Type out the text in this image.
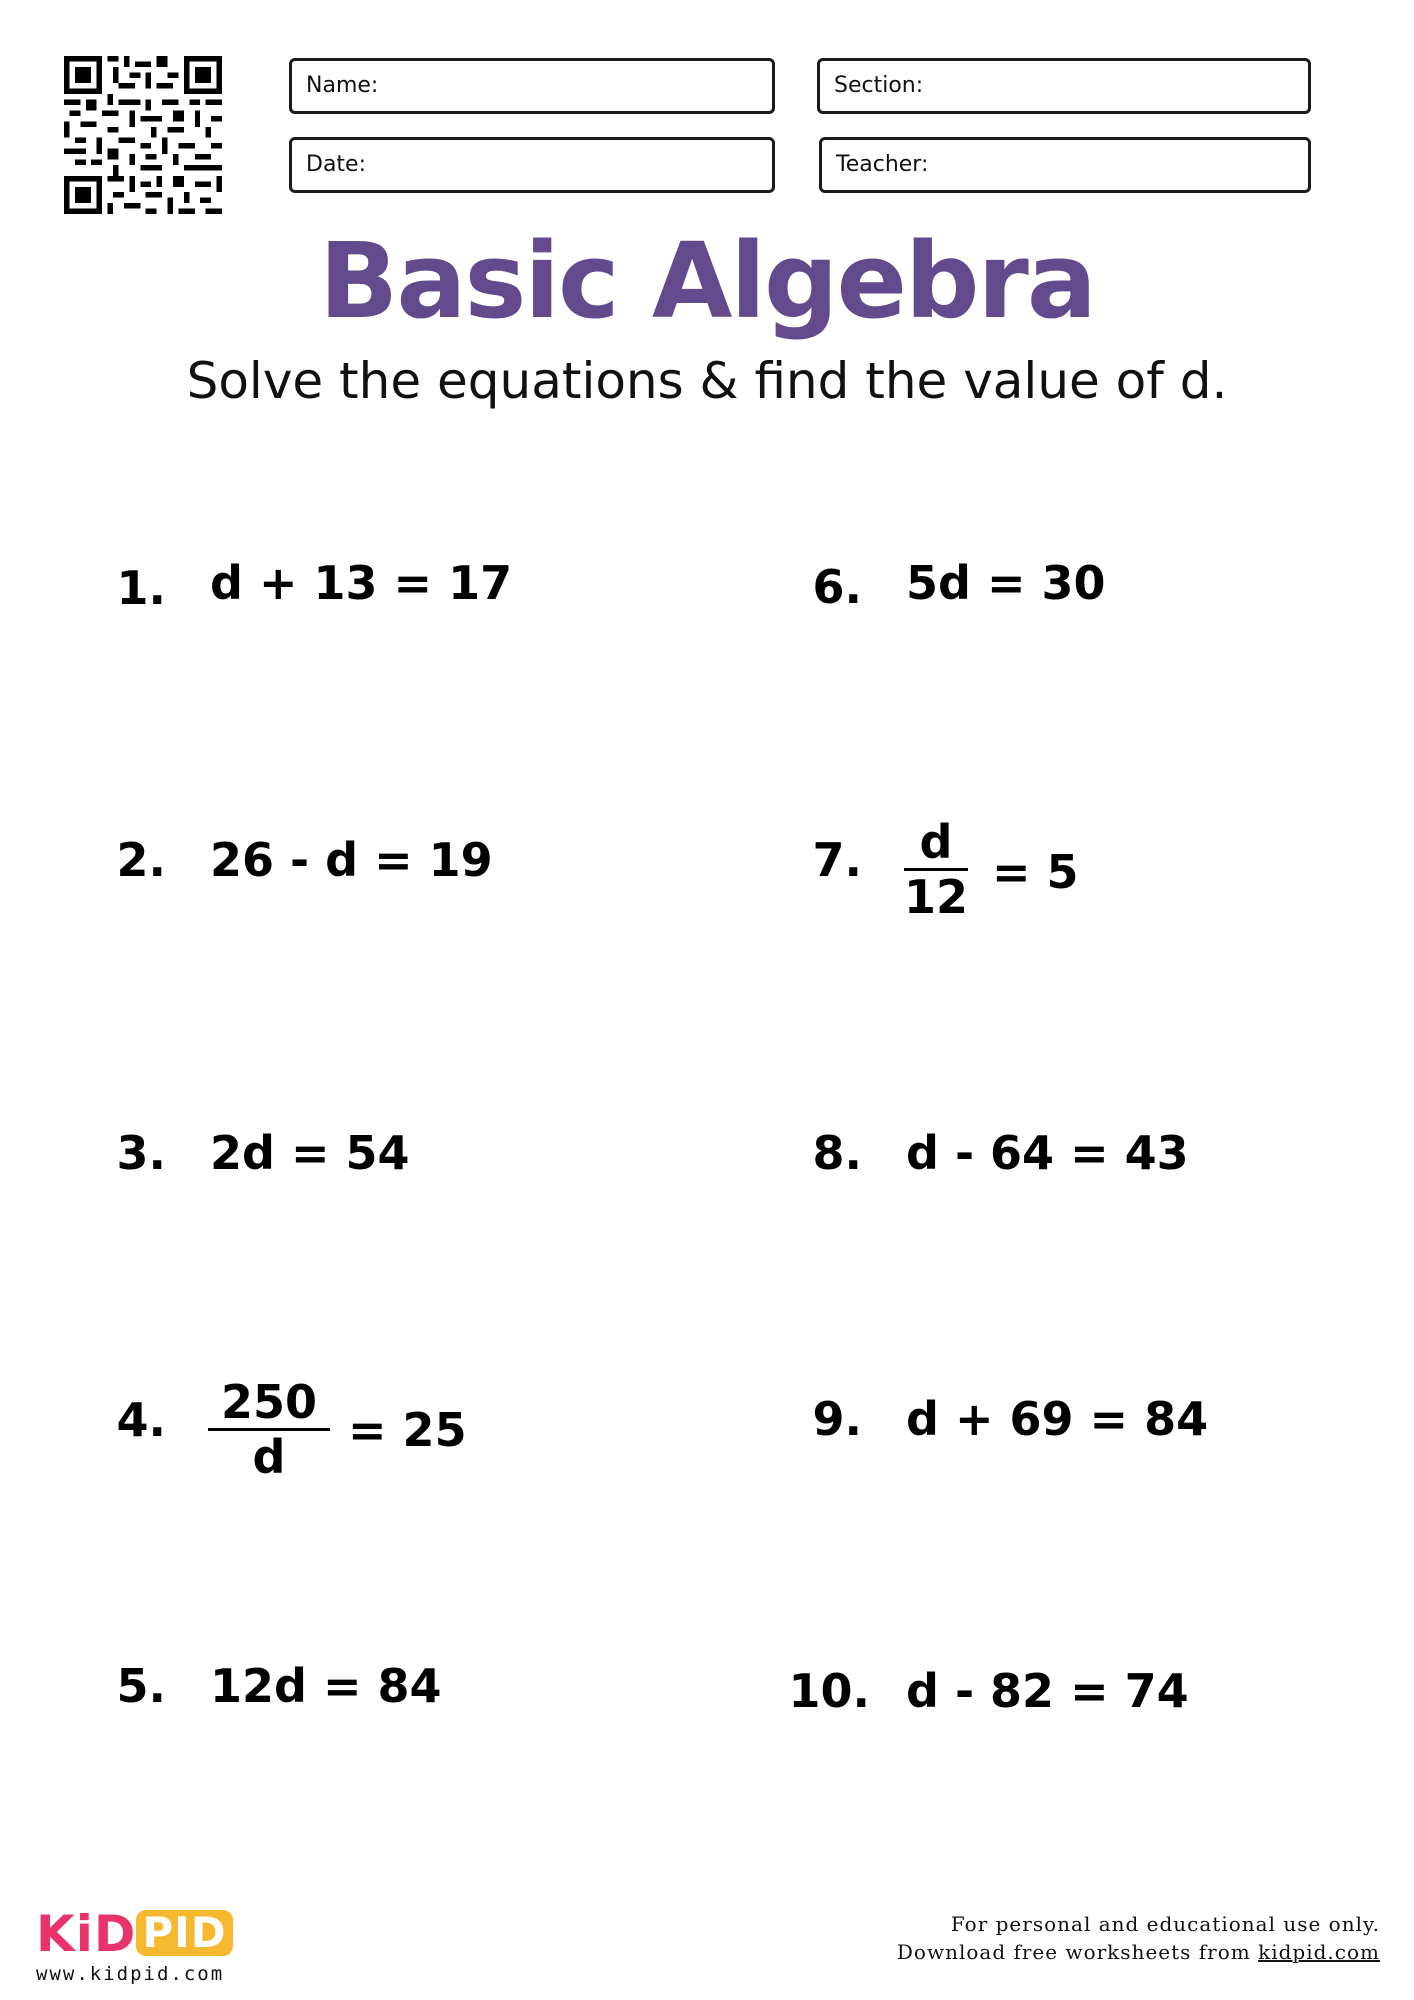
Name:	Section:
Date:	Teacher:
Basic Algebra
Solve the equations & find the value of d.
1. d + 13 = 17
2. 26 - d = 19
3. 2d = 54
4. $\frac{250}{d} = 25$
5. 12d = 84
6. 5d = 30
7. $\frac{d}{12} = 5$
8. d - 64 = 43
9. d + 69 = 84
10. d - 82 = 74
KiD PID
www.kidpid.com
For personal and educational use only.
Download free worksheets from kidpid.com
